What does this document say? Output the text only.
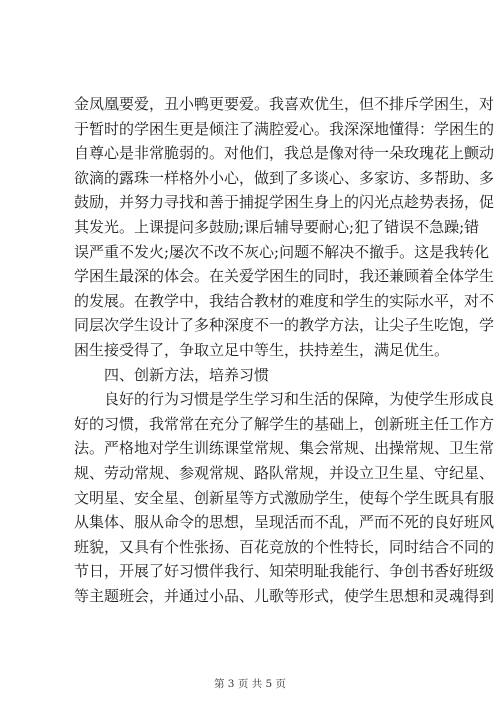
金凤凰要爱，丑小鸭更要爱。我喜欢优生，但不排斥学困生，对
于暂时的学困生更是倾注了满腔爱心。我深深地懂得：学困生的
自尊心是非常脆弱的。对他们，我总是像对待一朵玫瑰花上颤动
欲滴的露珠一样格外小心，做到了多谈心、多家访、多帮助、多
鼓励，并努力寻找和善于捕捉学困生身上的闪光点趁势表扬，促
其发光。上课提问多鼓励;课后辅导要耐心;犯了错误不急躁;错
误严重不发火;屡次不改不灰心;问题不解决不撤手。这是我转化
学困生最深的体会。在关爱学困生的同时，我还兼顾着全体学生
的发展。在教学中，我结合教材的难度和学生的实际水平，对不
同层次学生设计了多种深度不一的教学方法，让尖子生吃饱，学
困生接受得了，争取立足中等生，扶持差生，满足优生。
四、创新方法，培养习惯
良好的行为习惯是学生学习和生活的保障，为使学生形成良
好的习惯，我常常在充分了解学生的基础上，创新班主任工作方
法。严格地对学生训练课堂常规、集会常规、出操常规、卫生常
规、劳动常规、参观常规、路队常规，并设立卫生星、守纪星、
文明星、安全星、创新星等方式激励学生，使每个学生既具有服
从集体、服从命令的思想，呈现活而不乱，严而不死的良好班风
班貌，又具有个性张扬、百花竞放的个性特长，同时结合不同的
节日，开展了好习惯伴我行、知荣明耻我能行、争创书香好班级
等主题班会，并通过小品、儿歌等形式，使学生思想和灵魂得到
第 3 页 共 5 页
